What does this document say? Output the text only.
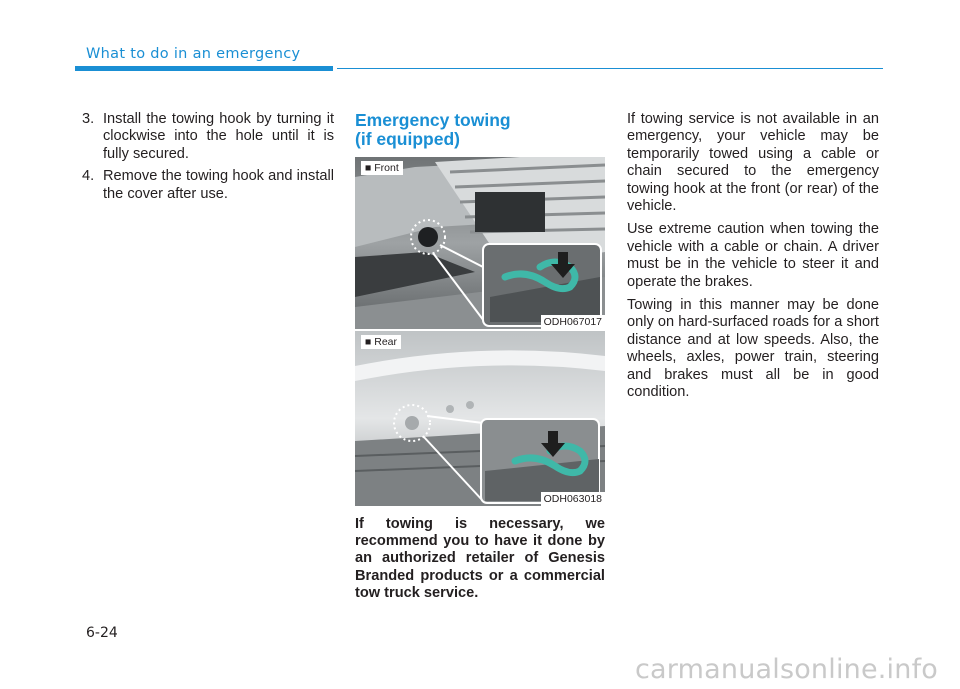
What to do in an emergency
3. Install the towing hook by turning it clockwise into the hole until it is fully secured.
4. Remove the towing hook and install the cover after use.
Emergency towing
(if equipped)
■ Front
ODH067017
■ Rear
ODH063018
If towing is necessary, we recommend you to have it done by an authorized retailer of Genesis Branded products or a commercial tow truck service.

If towing service is not available in an emergency, your vehicle may be temporarily towed using a cable or chain secured to the emergency towing hook at the front (or rear) of the vehicle.

Use extreme caution when towing the vehicle with a cable or chain. A driver must be in the vehicle to steer it and operate the brakes.

Towing in this manner may be done only on hard-surfaced roads for a short distance and at low speeds. Also, the wheels, axles, power train, steering and brakes must all be in good condition.

6-24
carmanualsonline.info
